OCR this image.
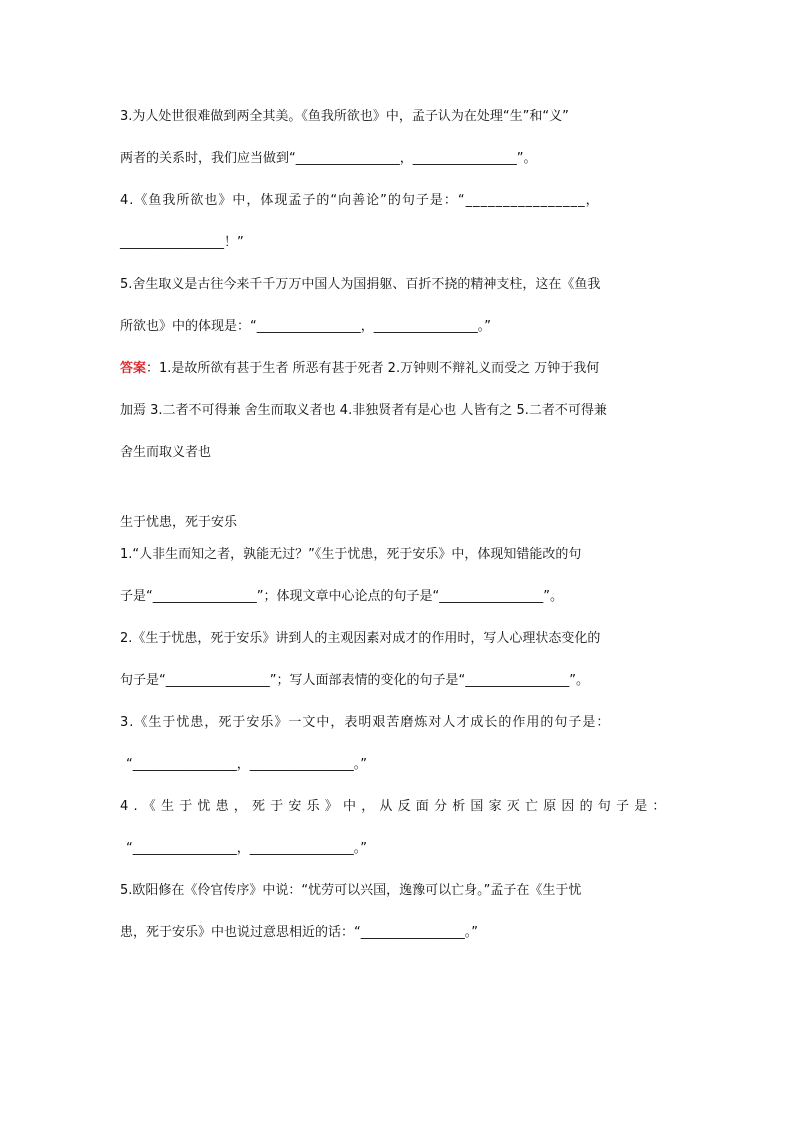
3.为人处世很难做到两全其美。《鱼我所欲也》中，孟子认为在处理“生”和“义”
两者的关系时，我们应当做到“________________，________________”。
4.《鱼我所欲也》中，体现孟子的“向善论”的句子是：“________________，
________________！”
5.舍生取义是古往今来千千万万中国人为国捐躯、百折不挠的精神支柱，这在《鱼我
所欲也》中的体现是：“________________，________________。”
答案：1.是故所欲有甚于生者 所恶有甚于死者 2.万钟则不辩礼义而受之 万钟于我何
加焉 3.二者不可得兼 舍生而取义者也 4.非独贤者有是心也 人皆有之 5.二者不可得兼
舍生而取义者也
生于忧患，死于安乐
1.“人非生而知之者，孰能无过？”《生于忧患，死于安乐》中，体现知错能改的句
子是“________________”；体现文章中心论点的句子是“________________”。
2.《生于忧患，死于安乐》讲到人的主观因素对成才的作用时，写人心理状态变化的
句子是“________________”；写人面部表情的变化的句子是“________________”。
3.《生于忧患，死于安乐》一文中，表明艰苦磨炼对人才成长的作用的句子是：
“________________，________________。”
4.《生于忧患，死于安乐》中，从反面分析国家灭亡原因的句子是：
“________________，________________。”
5.欧阳修在《伶官传序》中说：“忧劳可以兴国，逸豫可以亡身。”孟子在《生于忧
患，死于安乐》中也说过意思相近的话：“________________。”
